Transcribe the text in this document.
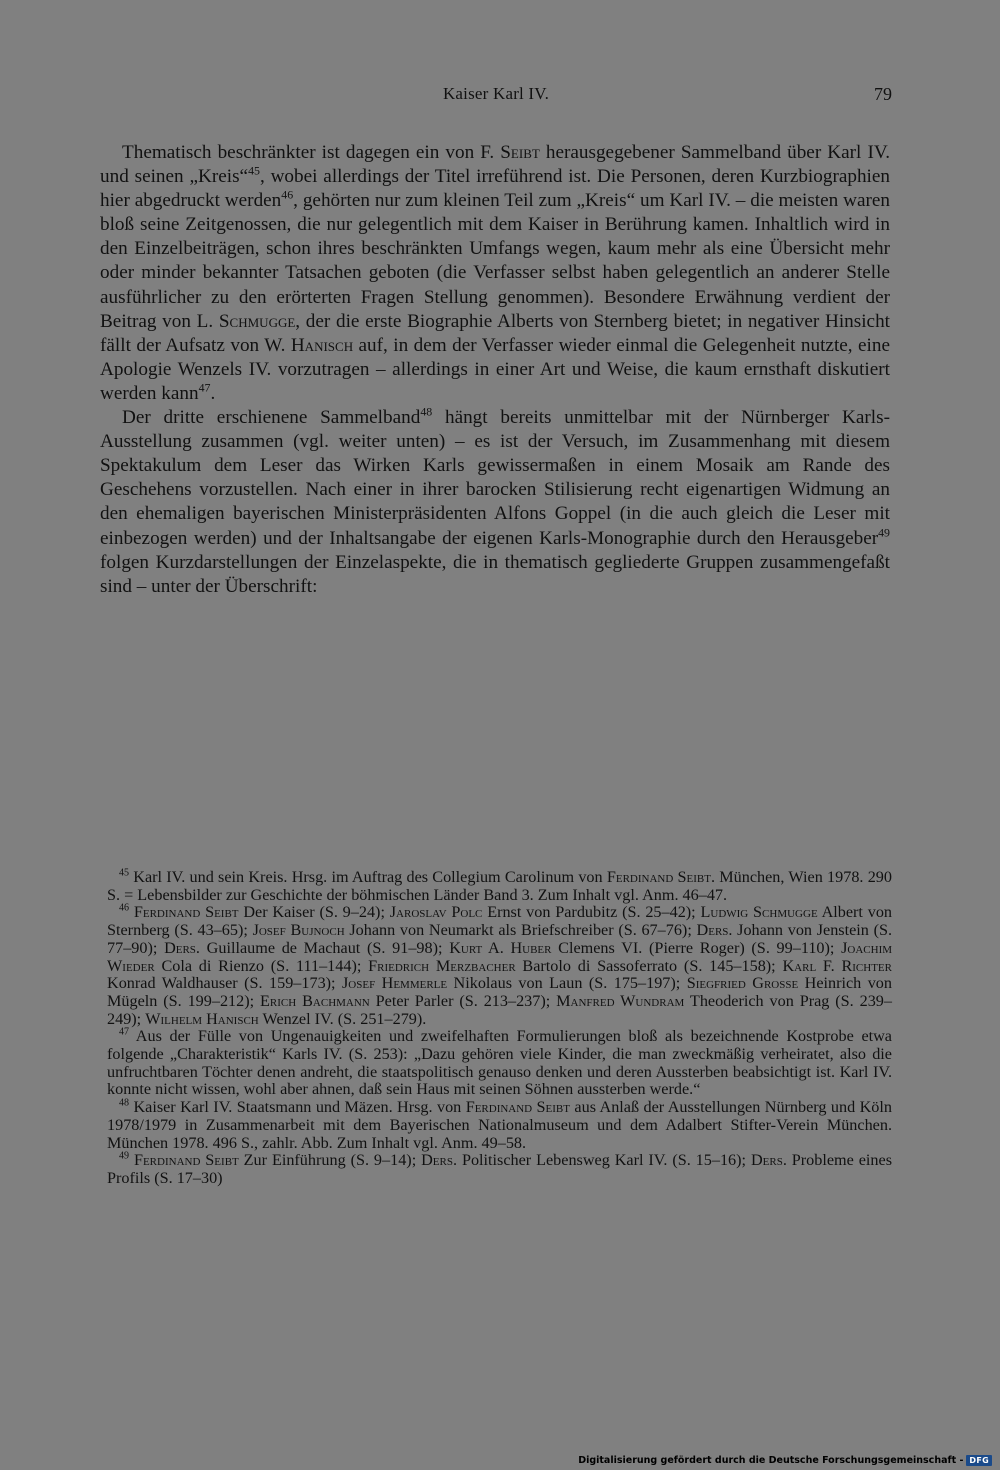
Kaiser Karl IV.	79

Thematisch beschränkter ist dagegen ein von F. Seibt herausgegebener Sammelband über Karl IV. und seinen „Kreis“$^{45}$, wobei allerdings der Titel irreführend ist. Die Personen, deren Kurzbiographien hier abgedruckt werden$^{46}$, gehörten nur zum kleinen Teil zum „Kreis“ um Karl IV. – die meisten waren bloß seine Zeitgenossen, die nur gelegentlich mit dem Kaiser in Berührung kamen. Inhaltlich wird in den Einzelbeiträgen, schon ihres beschränkten Umfangs wegen, kaum mehr als eine Übersicht mehr oder minder bekannter Tatsachen geboten (die Verfasser selbst haben gelegentlich an anderer Stelle ausführlicher zu den erörterten Fragen Stellung genommen). Besondere Erwähnung verdient der Beitrag von L. Schmugge, der die erste Biographie Alberts von Sternberg bietet; in negativer Hinsicht fällt der Aufsatz von W. Hanisch auf, in dem der Verfasser wieder einmal die Gelegenheit nutzte, eine Apologie Wenzels IV. vorzutragen – allerdings in einer Art und Weise, die kaum ernsthaft diskutiert werden kann$^{47}$.

Der dritte erschienene Sammelband$^{48}$ hängt bereits unmittelbar mit der Nürnberger Karls-Ausstellung zusammen (vgl. weiter unten) – es ist der Versuch, im Zusammenhang mit diesem Spektakulum dem Leser das Wirken Karls gewissermaßen in einem Mosaik am Rande des Geschehens vorzustellen. Nach einer in ihrer barocken Stilisierung recht eigenartigen Widmung an den ehemaligen bayerischen Ministerpräsidenten Alfons Goppel (in die auch gleich die Leser mit einbezogen werden) und der Inhaltsangabe der eigenen Karls-Monographie durch den Herausgeber$^{49}$ folgen Kurzdarstellungen der Einzelaspekte, die in thematisch gegliederte Gruppen zusammengefaßt sind – unter der Überschrift:

$^{45}$ Karl IV. und sein Kreis. Hrsg. im Auftrag des Collegium Carolinum von Ferdinand Seibt. München, Wien 1978. 290 S. = Lebensbilder zur Geschichte der böhmischen Länder Band 3. Zum Inhalt vgl. Anm. 46–47.

$^{46}$ Ferdinand Seibt Der Kaiser (S. 9–24); Jaroslav Polc Ernst von Pardubitz (S. 25–42); Ludwig Schmugge Albert von Sternberg (S. 43–65); Josef Bujnoch Johann von Neumarkt als Briefschreiber (S. 67–76); Ders. Johann von Jenstein (S. 77–90); Ders. Guillaume de Machaut (S. 91–98); Kurt A. Huber Clemens VI. (Pierre Roger) (S. 99–110); Joachim Wieder Cola di Rienzo (S. 111–144); Friedrich Merzbacher Bartolo di Sassoferrato (S. 145–158); Karl F. Richter Konrad Waldhauser (S. 159–173); Josef Hemmerle Nikolaus von Laun (S. 175–197); Siegfried Grosse Heinrich von Mügeln (S. 199–212); Erich Bachmann Peter Parler (S. 213–237); Manfred Wundram Theoderich von Prag (S. 239–249); Wilhelm Hanisch Wenzel IV. (S. 251–279).

$^{47}$ Aus der Fülle von Ungenauigkeiten und zweifelhaften Formulierungen bloß als bezeichnende Kostprobe etwa folgende „Charakteristik“ Karls IV. (S. 253): „Dazu gehören viele Kinder, die man zweckmäßig verheiratet, also die unfruchtbaren Töchter denen andreht, die staatspolitisch genauso denken und deren Aussterben beabsichtigt ist. Karl IV. konnte nicht wissen, wohl aber ahnen, daß sein Haus mit seinen Söhnen aussterben werde.“

$^{48}$ Kaiser Karl IV. Staatsmann und Mäzen. Hrsg. von Ferdinand Seibt aus Anlaß der Ausstellungen Nürnberg und Köln 1978/1979 in Zusammenarbeit mit dem Bayerischen Nationalmuseum und dem Adalbert Stifter-Verein München. München 1978. 496 S., zahlr. Abb. Zum Inhalt vgl. Anm. 49–58.

$^{49}$ Ferdinand Seibt Zur Einführung (S. 9–14); Ders. Politischer Lebensweg Karl IV. (S. 15–16); Ders. Probleme eines Profils (S. 17–30)

Digitalisierung gefördert durch die Deutsche Forschungsgemeinschaft - DFG
